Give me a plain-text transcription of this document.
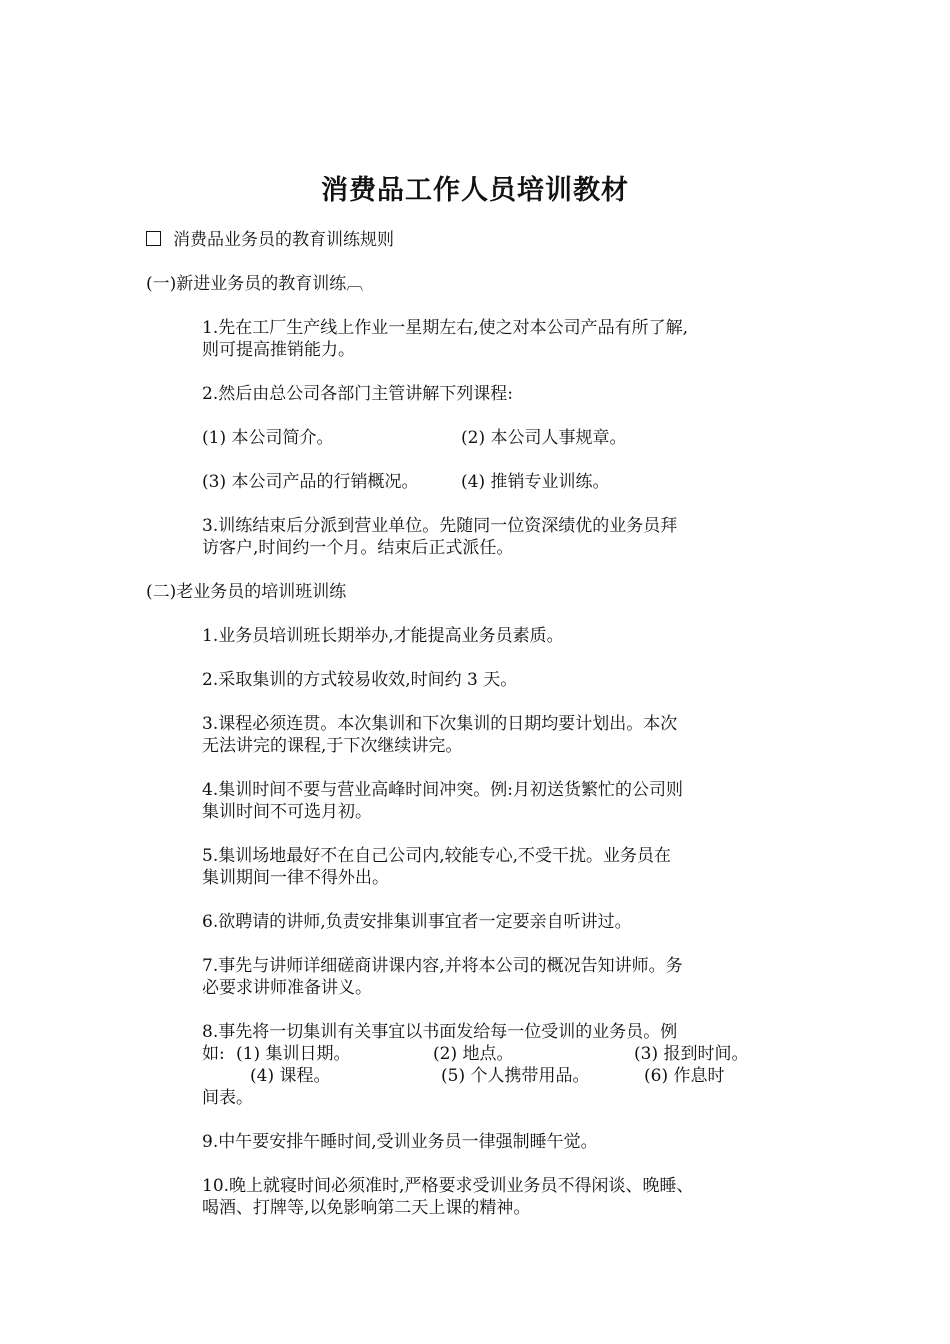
消费品工作人员培训教材
消费品业务员的教育训练规则
(一)新进业务员的教育训练︹
1.先在工厂生产线上作业一星期左右,使之对本公司产品有所了解,
则可提高推销能力。
2.然后由总公司各部门主管讲解下列课程:
(1) 本公司简介。	(2) 本公司人事规章。
(3) 本公司产品的行销概况。	(4) 推销专业训练。
3.训练结束后分派到营业单位。先随同一位资深绩优的业务员拜
访客户,时间约一个月。结束后正式派任。
(二)老业务员的培训班训练
1.业务员培训班长期举办,才能提高业务员素质。
2.采取集训的方式较易收效,时间约 3 天。
3.课程必须连贯。本次集训和下次集训的日期均要计划出。本次
无法讲完的课程,于下次继续讲完。
4.集训时间不要与营业高峰时间冲突。例:月初送货繁忙的公司则
集训时间不可选月初。
5.集训场地最好不在自己公司内,较能专心,不受干扰。业务员在
集训期间一律不得外出。
6.欲聘请的讲师,负责安排集训事宜者一定要亲自听讲过。
7.事先与讲师详细磋商讲课内容,并将本公司的概况告知讲师。务
必要求讲师准备讲义。
8.事先将一切集训有关事宜以书面发给每一位受训的业务员。例
如: (1) 集训日期。	(2) 地点。	(3) 报到时间。
(4) 课程。	(5) 个人携带用品。	(6) 作息时
间表。
9.中午要安排午睡时间,受训业务员一律强制睡午觉。
10.晚上就寝时间必须准时,严格要求受训业务员不得闲谈、晚睡、
喝酒、打牌等,以免影响第二天上课的精神。
